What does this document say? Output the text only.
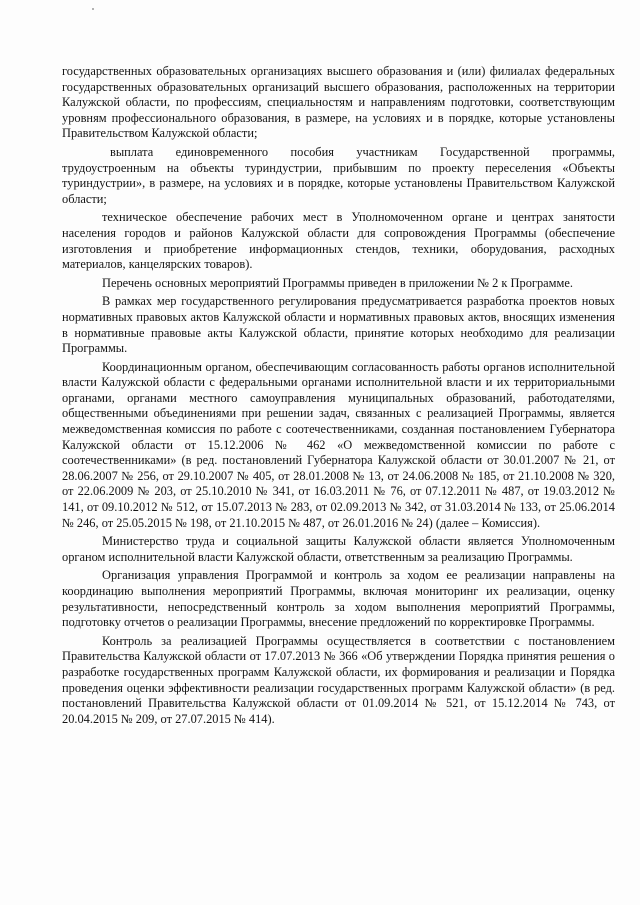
государственных образовательных организациях высшего образования и (или) филиалах федеральных государственных образовательных организаций высшего образования, расположенных на территории Калужской области, по профессиям, специальностям и направлениям подготовки, соответствующим уровням профессионального образования, в размере, на условиях и в порядке, которые установлены Правительством Калужской области;

выплата единовременного пособия участникам Государственной программы, трудоустроенным на объекты туриндустрии, прибывшим по проекту переселения «Объекты туриндустрии», в размере, на условиях и в порядке, которые установлены Правительством Калужской области;

техническое обеспечение рабочих мест в Уполномоченном органе и центрах занятости населения городов и районов Калужской области для сопровождения Программы (обеспечение изготовления и приобретение информационных стендов, техники, оборудования, расходных материалов, канцелярских товаров).

Перечень основных мероприятий Программы приведен в приложении № 2 к Программе.

В рамках мер государственного регулирования предусматривается разработка проектов новых нормативных правовых актов Калужской области и нормативных правовых актов, вносящих изменения в нормативные правовые акты Калужской области, принятие которых необходимо для реализации Программы.

Координационным органом, обеспечивающим согласованность работы органов исполнительной власти Калужской области с федеральными органами исполнительной власти и их территориальными органами, органами местного самоуправления муниципальных образований, работодателями, общественными объединениями при решении задач, связанных с реализацией Программы, является межведомственная комиссия по работе с соотечественниками, созданная постановлением Губернатора Калужской области от 15.12.2006 № 462 «О межведомственной комиссии по работе с соотечественниками» (в ред. постановлений Губернатора Калужской области от 30.01.2007 № 21, от 28.06.2007 № 256, от 29.10.2007 № 405, от 28.01.2008 № 13, от 24.06.2008 № 185, от 21.10.2008 № 320, от 22.06.2009 № 203, от 25.10.2010 № 341, от 16.03.2011 № 76, от 07.12.2011 № 487, от 19.03.2012 № 141, от 09.10.2012 № 512, от 15.07.2013 № 283, от 02.09.2013 № 342, от 31.03.2014 № 133, от 25.06.2014 № 246, от 25.05.2015 № 198, от 21.10.2015 № 487, от 26.01.2016 № 24) (далее – Комиссия).

Министерство труда и социальной защиты Калужской области является Уполномоченным органом исполнительной власти Калужской области, ответственным за реализацию Программы.

Организация управления Программой и контроль за ходом ее реализации направлены на координацию выполнения мероприятий Программы, включая мониторинг их реализации, оценку результативности, непосредственный контроль за ходом выполнения мероприятий Программы, подготовку отчетов о реализации Программы, внесение предложений по корректировке Программы.

Контроль за реализацией Программы осуществляется в соответствии с постановлением Правительства Калужской области от 17.07.2013 № 366 «Об утверждении Порядка принятия решения о разработке государственных программ Калужской области, их формирования и реализации и Порядка проведения оценки эффективности реализации государственных программ Калужской области» (в ред. постановлений Правительства Калужской области от 01.09.2014 № 521, от 15.12.2014 № 743, от 20.04.2015 № 209, от 27.07.2015 № 414).
